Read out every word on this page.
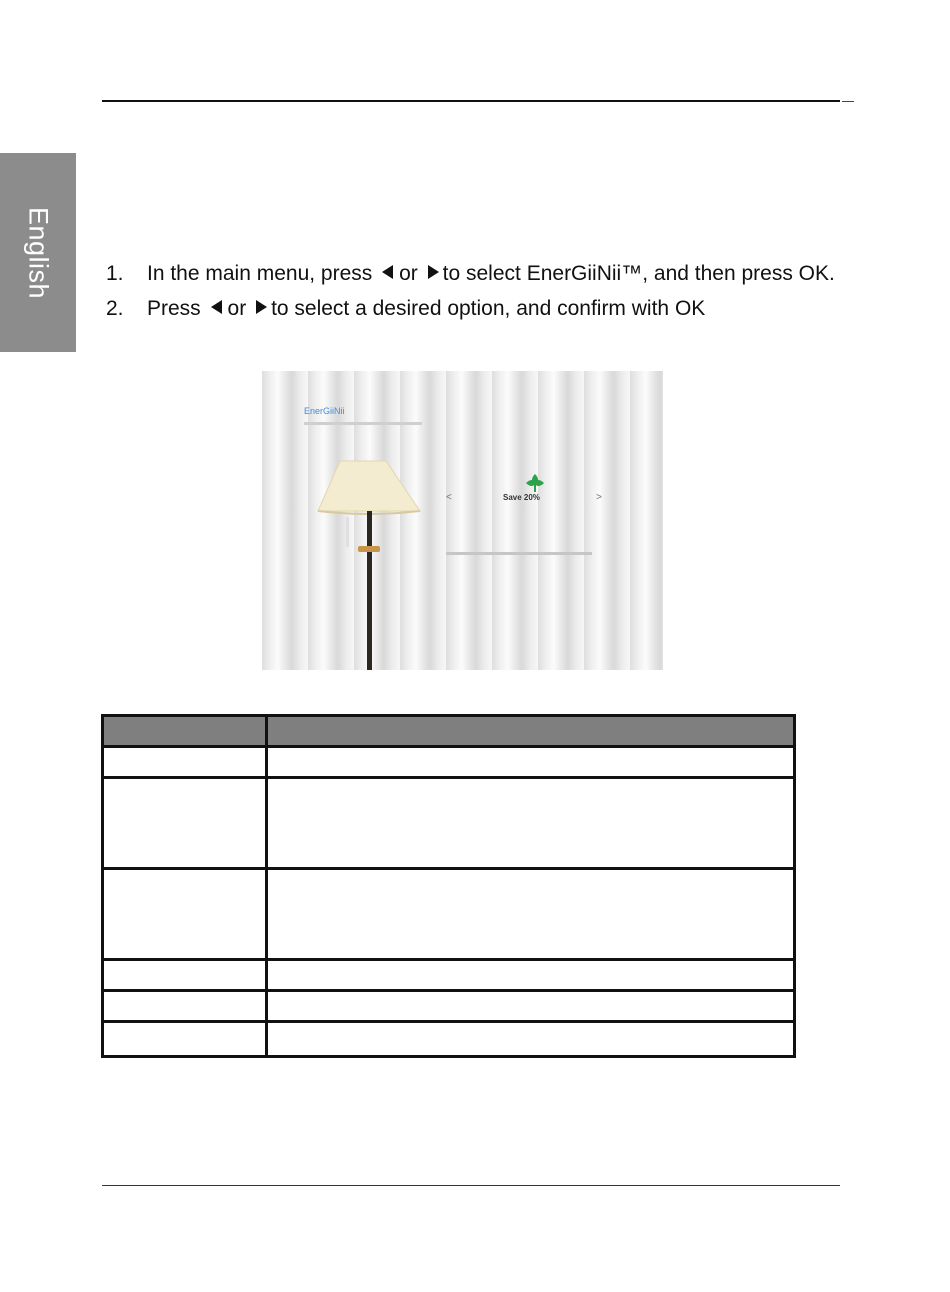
English	1.	In the main menu, press or to select EnerGiiNii™, and then press OK.
2.	Press or to select a desired option, and confirm with OK
EnerGiiNii
<	Save 20%	>
